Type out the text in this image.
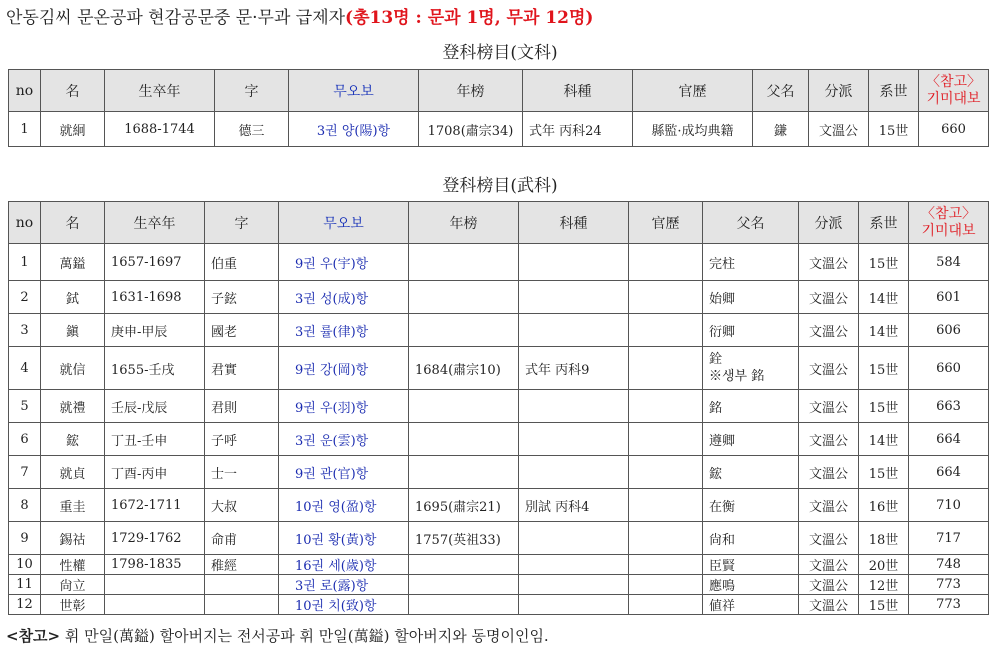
안동김씨 문온공파 현감공문중 문·무과 급제자(총13명 : 문과 1명, 무과 12명)
登科榜目(文科)
no	名	生卒年	字	무오보	年榜	科種	官歷	父名	分派	系世	〈참고〉
기미대보

1	就絅	1688-1744	德三	3권 양(陽)항	1708(肅宗34)	式年 丙科24	縣監·成均典籍	鎌	文溫公	15世	660
登科榜目(武科)
no	名	生卒年	字	무오보	年榜	科種	官歷	父名	分派	系世	〈참고〉
기미대보

1	萬鎰	1657-1697	伯重	9권 우(宇)항				完柱	文溫公	15世	584
2	鉽	1631-1698	子鉉	3권 성(成)항				始卿	文溫公	14世	601
3	鎭	庚申-甲辰	國老	3권 률(律)항				衍卿	文溫公	14世	606
4	就信	1655-壬戌	君實	9권 강(岡)항	1684(肅宗10)	式年 丙科9		銓
※생부 銘	文溫公	15世	660
5	就禮	壬辰-戊辰	君則	9권 우(羽)항				銘	文溫公	15世	663
6	鋐	丁丑-壬申	子呼	3권 운(雲)항				遵卿	文溫公	14世	664
7	就貞	丁酉-丙申	士一	9권 관(官)항				鋐	文溫公	15世	664
8	重圭	1672-1711	大叔	10권 영(盈)항	1695(肅宗21)	別試 丙科4		在衡	文溫公	16世	710
9	錫祜	1729-1762	命甫	10권 황(黃)항	1757(英祖33)			尙和	文溫公	18世	717
10	性權	1798-1835	稚經	16권 세(歲)항				臣賢	文溫公	20世	748
11	尙立			3권 로(露)항				應鳴	文溫公	12世	773
12	世彰			10권 치(致)항				値祥	文溫公	15世	773
<참고> 휘 만일(萬鎰) 할아버지는 전서공파 휘 만일(萬鎰) 할아버지와 동명이인임.
